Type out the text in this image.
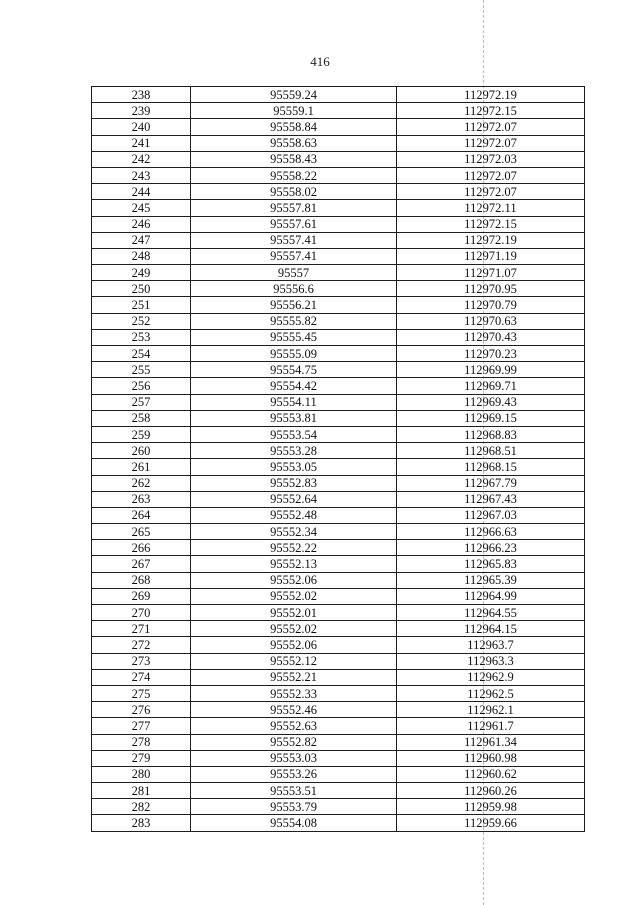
416
238	95559.24	112972.19
239	95559.1	112972.15
240	95558.84	112972.07
241	95558.63	112972.07
242	95558.43	112972.03
243	95558.22	112972.07
244	95558.02	112972.07
245	95557.81	112972.11
246	95557.61	112972.15
247	95557.41	112972.19
248	95557.41	112971.19
249	95557	112971.07
250	95556.6	112970.95
251	95556.21	112970.79
252	95555.82	112970.63
253	95555.45	112970.43
254	95555.09	112970.23
255	95554.75	112969.99
256	95554.42	112969.71
257	95554.11	112969.43
258	95553.81	112969.15
259	95553.54	112968.83
260	95553.28	112968.51
261	95553.05	112968.15
262	95552.83	112967.79
263	95552.64	112967.43
264	95552.48	112967.03
265	95552.34	112966.63
266	95552.22	112966.23
267	95552.13	112965.83
268	95552.06	112965.39
269	95552.02	112964.99
270	95552.01	112964.55
271	95552.02	112964.15
272	95552.06	112963.7
273	95552.12	112963.3
274	95552.21	112962.9
275	95552.33	112962.5
276	95552.46	112962.1
277	95552.63	112961.7
278	95552.82	112961.34
279	95553.03	112960.98
280	95553.26	112960.62
281	95553.51	112960.26
282	95553.79	112959.98
283	95554.08	112959.66
